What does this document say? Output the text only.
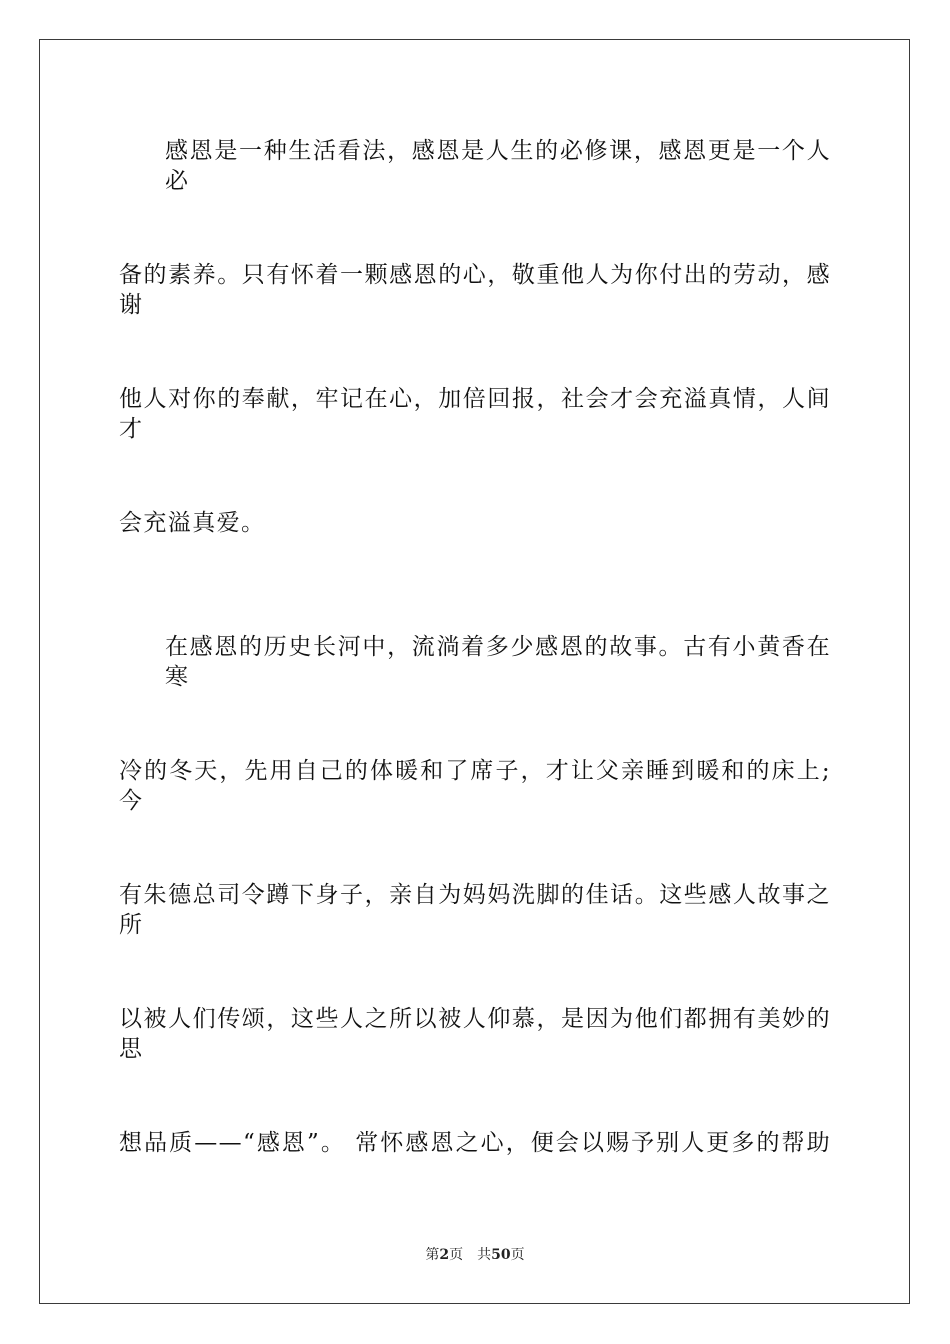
感恩是一种生活看法，感恩是人生的必修课，感恩更是一个人必
备的素养。只有怀着一颗感恩的心，敬重他人为你付出的劳动，感谢
他人对你的奉献，牢记在心，加倍回报，社会才会充溢真情，人间才
会充溢真爱。
在感恩的历史长河中，流淌着多少感恩的故事。古有小黄香在寒
冷的冬天，先用自己的体暖和了席子，才让父亲睡到暖和的床上;今
有朱德总司令蹲下身子，亲自为妈妈洗脚的佳话。这些感人故事之所
以被人们传颂，这些人之所以被人仰慕，是因为他们都拥有美妙的思
想品质——“感恩”。 常怀感恩之心，便会以赐予别人更多的帮助
第2页 共50页
